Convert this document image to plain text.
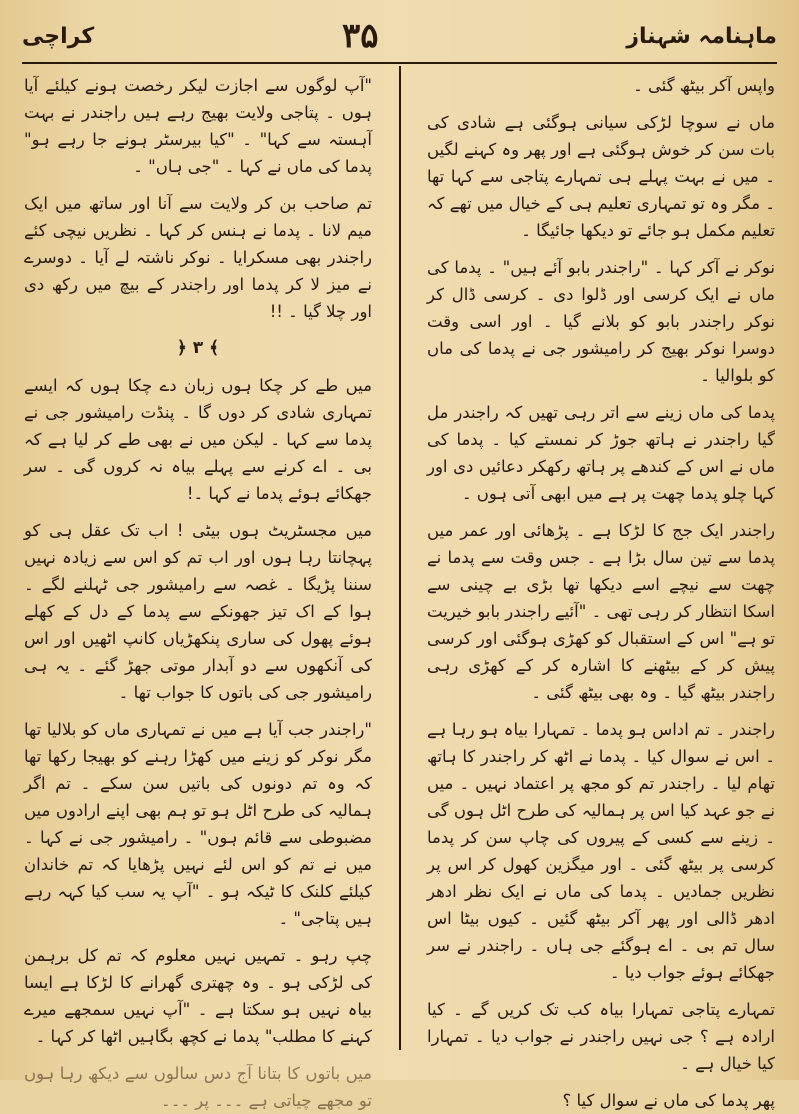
کراچی	۳۵	ماہنامہ شہناز

واپس آکر بیٹھ گئی ۔

ماں نے سوچا لڑکی سیانی ہوگئی ہے شادی کی بات سن کر خوش ہوگئی ہے اور پھر وہ کہنے لگیں ۔ میں نے بہت پہلے ہی تمہارے پتاجی سے کہا تھا ۔ مگر وہ تو تمہاری تعلیم ہی کے خیال میں تھے کہ تعلیم مکمل ہو جائے تو دیکھا جائیگا ۔

نوکر نے آکر کہا ۔ "راجندر بابو آئے ہیں" ۔ پدما کی ماں نے ایک کرسی اور ڈلوا دی ۔ کرسی ڈال کر نوکر راجندر بابو کو بلانے گیا ۔ اور اسی وقت دوسرا نوکر بھیج کر رامیشور جی نے پدما کی ماں کو بلوالیا ۔

پدما کی ماں زینے سے اتر رہی تھیں کہ راجندر مل گیا راجندر نے ہاتھ جوڑ کر نمستے کیا ۔ پدما کی ماں نے اس کے کندھے پر ہاتھ رکھکر دعائیں دی اور کہا چلو پدما چھت پر ہے میں ابھی آتی ہوں ۔

راجندر ایک جج کا لڑکا ہے ۔ پڑھائی اور عمر میں پدما سے تین سال بڑا ہے ۔ جس وقت سے پدما نے چھت سے نیچے اسے دیکھا تھا بڑی بے چینی سے اسکا انتظار کر رہی تھی ۔ "آئیے راجندر بابو خیریت تو ہے" اس کے استقبال کو کھڑی ہوگئی اور کرسی پیش کر کے بیٹھنے کا اشارہ کر کے کھڑی رہی راجندر بیٹھ گیا ۔ وہ بھی بیٹھ گئی ۔

راجندر ۔ تم اداس ہو پدما ۔ تمہارا بیاہ ہو رہا ہے ۔ اس نے سوال کیا ۔ پدما نے اٹھ کر راجندر کا ہاتھ تھام لیا ۔ راجندر تم کو مجھ پر اعتماد نہیں ۔ میں نے جو عہد کیا اس پر ہمالیہ کی طرح اٹل ہوں گی ۔ زینے سے کسی کے پیروں کی چاپ سن کر پدما کرسی پر بیٹھ گئی ۔ اور میگزین کھول کر اس پر نظریں جمادیں ۔ پدما کی ماں نے ایک نظر ادھر ادھر ڈالی اور پھر آکر بیٹھ گئیں ۔ کیوں بیٹا اس سال تم بی ۔ اے ہوگئے جی ہاں ۔ راجندر نے سر جھکائے ہوئے جواب دیا ۔

تمہارے پتاجی تمہارا بیاہ کب تک کریں گے ۔ کیا ارادہ ہے ؟ جی نہیں راجندر نے جواب دیا ۔ تمہارا کیا خیال ہے ۔

پھر پدما کی ماں نے سوال کیا ؟

"آپ لوگوں سے اجازت لیکر رخصت ہونے کیلئے آیا ہوں ۔ پتاجی ولایت بھیج رہے ہیں راجندر نے بہت آہستہ سے کہا" ۔ "کیا بیرسٹر ہونے جا رہے ہو" پدما کی ماں نے کہا ۔ "جی ہاں" ۔

تم صاحب بن کر ولایت سے آنا اور ساتھ میں ایک میم لانا ۔ پدما نے ہنس کر کہا ۔ نظریں نیچی کئے راجندر بھی مسکرایا ۔ نوکر ناشتہ لے آیا ۔ دوسرے نے میز لا کر پدما اور راجندر کے بیچ میں رکھ دی اور چلا گیا ۔ !!

﴿ ۳ ﴾

میں طے کر چکا ہوں زبان دے چکا ہوں کہ ایسے تمہاری شادی کر دوں گا ۔ پنڈت رامیشور جی نے پدما سے کہا ۔ لیکن میں نے بھی طے کر لیا ہے کہ بی ۔ اے کرنے سے پہلے بیاہ نہ کروں گی ۔ سر جھکائے ہوئے پدما نے کہا ۔!

میں مجسٹریٹ ہوں بیٹی ! اب تک عقل ہی کو پہچانتا رہا ہوں اور اب تم کو اس سے زیادہ نہیں سننا پڑیگا ۔ غصہ سے رامیشور جی ٹہلنے لگے ۔ ہوا کے اک تیز جھونکے سے پدما کے دل کے کھلے ہوئے پھول کی ساری پنکھڑیاں کانپ اٹھیں اور اس کی آنکھوں سے دو آبدار موتی جھڑ گئے ۔ یہ ہی رامیشور جی کی باتوں کا جواب تھا ۔

"راجندر جب آیا ہے میں نے تمہاری ماں کو بلالیا تھا مگر نوکر کو زینے میں کھڑا رہنے کو بھیجا رکھا تھا کہ وہ تم دونوں کی باتیں سن سکے ۔ تم اگر ہمالیہ کی طرح اٹل ہو تو ہم بھی اپنے ارادوں میں مضبوطی سے قائم ہوں" ۔ رامیشور جی نے کہا ۔ میں نے تم کو اس لئے نہیں پڑھایا کہ تم خاندان کیلئے کلنک کا ٹیکہ ہو ۔ "آپ یہ سب کیا کہہ رہے ہیں پتاجی" ۔

چپ رہو ۔ تمہیں نہیں معلوم کہ تم کل برہمن کی لڑکی ہو ۔ وہ چھتری گھرانے کا لڑکا ہے ایسا بیاہ نہیں ہو سکتا ہے ۔ "آپ نہیں سمجھے میرے کہنے کا مطلب" پدما نے کچھ بگاہیں اٹھا کر کہا ۔

میں باتوں کا بتانا آج دس سالوں سے دیکھ رہا ہوں تو مجھے چیاتی ہے ۔۔۔ پر ۔۔۔
